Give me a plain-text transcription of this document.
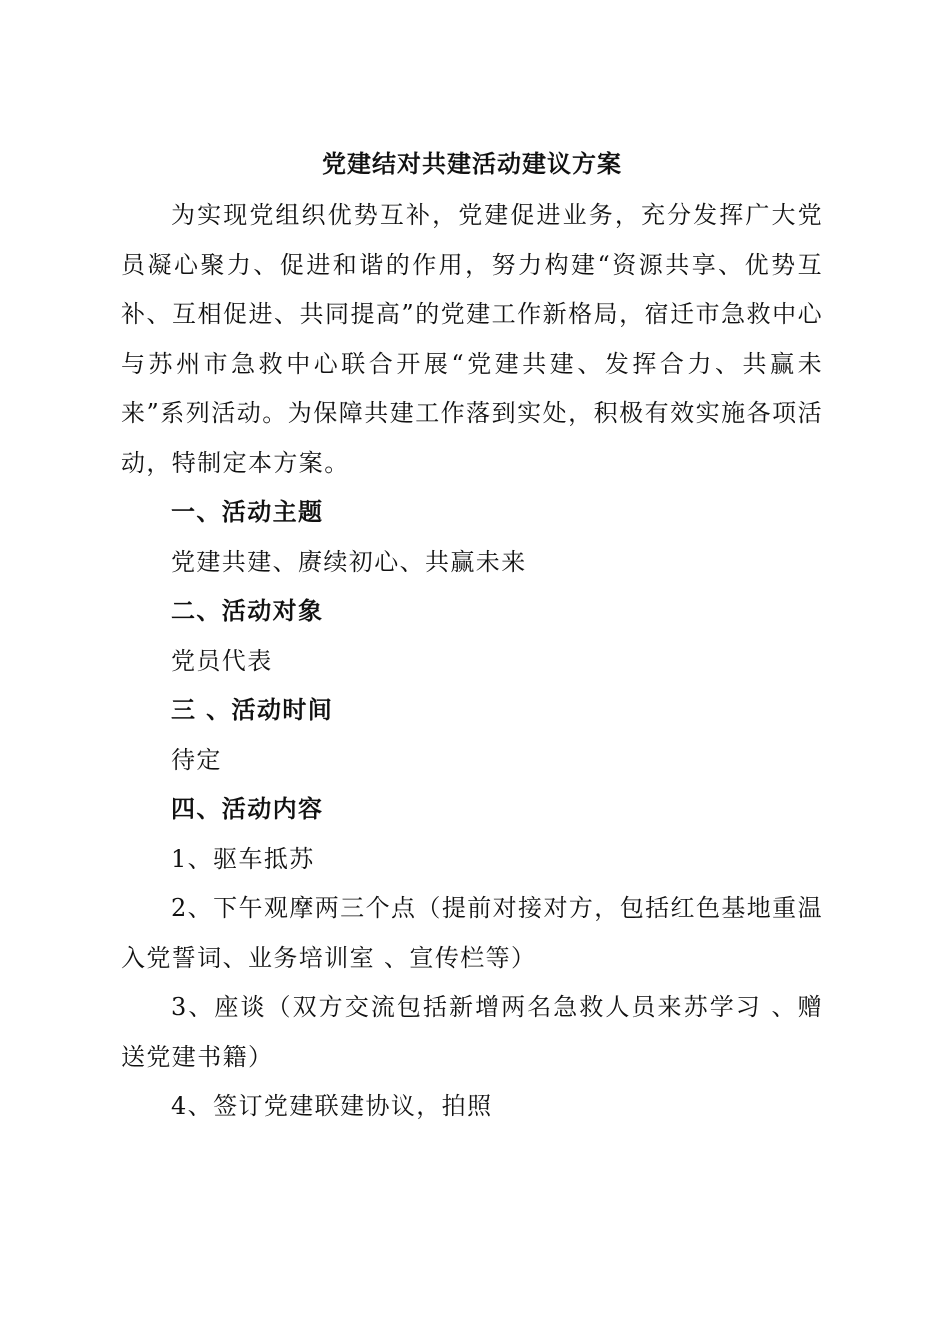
党建结对共建活动建议方案

为实现党组织优势互补，党建促进业务，充分发挥广大党员凝心聚力、促进和谐的作用，努力构建“资源共享、优势互补、互相促进、共同提高”的党建工作新格局，宿迁市急救中心与苏州市急救中心联合开展“党建共建、发挥合力、共赢未来”系列活动。为保障共建工作落到实处，积极有效实施各项活动，特制定本方案。

一、活动主题

党建共建、赓续初心、共赢未来

二、活动对象

党员代表

三 、活动时间

待定

四、活动内容

1、驱车抵苏

2、下午观摩两三个点（提前对接对方，包括红色基地重温入党誓词、业务培训室 、宣传栏等）

3、座谈（双方交流包括新增两名急救人员来苏学习 、赠送党建书籍）

4、签订党建联建协议，拍照
